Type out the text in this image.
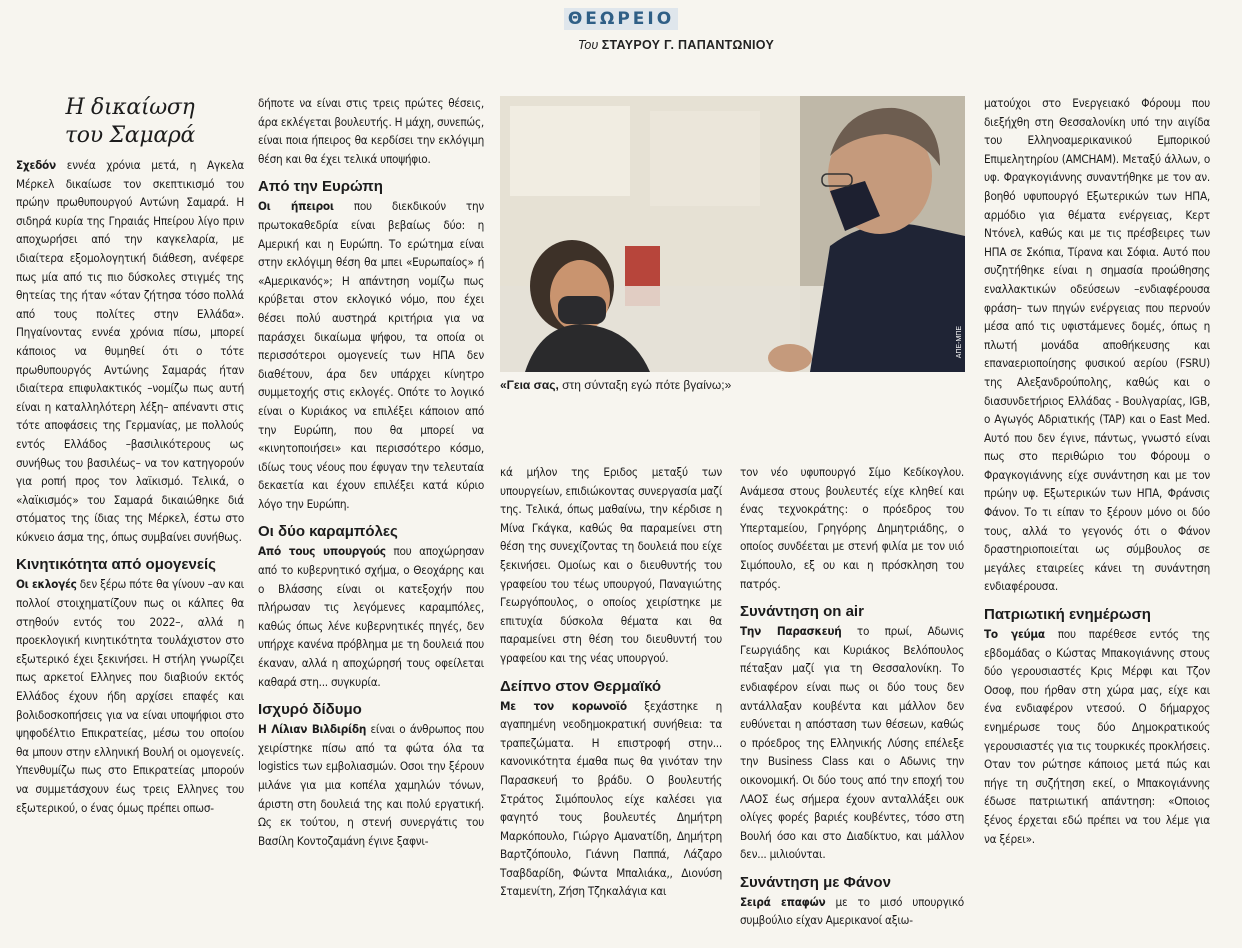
ΘΕΩΡΕΙΟ
Του ΣΤΑΥΡΟΥ Γ. ΠΑΠΑΝΤΩΝΙΟΥ
Η δικαίωση
του Σαμαρά

Σχεδόν εννέα χρόνια μετά, η Αγκελα Μέρκελ δικαίωσε τον σκεπτικισμό του πρώην πρωθυπουργού Αντώνη Σαμαρά. Η σιδηρά κυρία της Γηραιάς Ηπείρου λίγο πριν αποχωρήσει από την καγκελαρία, με ιδιαίτερα εξομολογητική διάθεση, ανέφερε πως μία από τις πιο δύσκολες στιγμές της θητείας της ήταν «όταν ζήτησα τόσο πολλά από τους πολίτες στην Ελλάδα». Πηγαίνοντας εννέα χρόνια πίσω, μπορεί κάποιος να θυμηθεί ότι ο τότε πρωθυπουργός Αντώνης Σαμαράς ήταν ιδιαίτερα επιφυλακτικός –νομίζω πως αυτή είναι η καταλληλότερη λέξη– απέναντι στις τότε αποφάσεις της Γερμανίας, με πολλούς εντός Ελλάδος –βασιλικότερους ως συνήθως του βασιλέως– να τον κατηγορούν για ροπή προς τον λαϊκισμό. Τελικά, ο «λαϊκισμός» του Σαμαρά δικαιώθηκε διά στόματος της ίδιας της Μέρκελ, έστω στο κύκνειο άσμα της, όπως συμβαίνει συνήθως.

Κινητικότητα από ομογενείς

Οι εκλογές δεν ξέρω πότε θα γίνουν –αν και πολλοί στοιχηματίζουν πως οι κάλπες θα στηθούν εντός του 2022–, αλλά η προεκλογική κινητικότητα τουλάχιστον στο εξωτερικό έχει ξεκινήσει. Η στήλη γνωρίζει πως αρκετοί Ελληνες που διαβιούν εκτός Ελλάδος έχουν ήδη αρχίσει επαφές και βολιδοσκοπήσεις για να είναι υποψήφιοι στο ψηφοδέλτιο Επικρατείας, μέσω του οποίου θα μπουν στην ελληνική Βουλή οι ομογενείς. Υπενθυμίζω πως στο Επικρατείας μπορούν να συμμετάσχουν έως τρεις Ελληνες του εξωτερικού, ο ένας όμως πρέπει οπωσ-

δήποτε να είναι στις τρεις πρώτες θέσεις, άρα εκλέγεται βουλευτής. Η μάχη, συνεπώς, είναι ποια ήπειρος θα κερδίσει την εκλόγιμη θέση και θα έχει τελικά υποψήφιο.

Από την Ευρώπη

Οι ήπειροι που διεκδικούν την πρωτοκαθεδρία είναι βεβαίως δύο: η Αμερική και η Ευρώπη. Το ερώτημα είναι στην εκλόγιμη θέση θα μπει «Ευρωπαίος» ή «Αμερικανός»; Η απάντηση νομίζω πως κρύβεται στον εκλογικό νόμο, που έχει θέσει πολύ αυστηρά κριτήρια για να παράσχει δικαίωμα ψήφου, τα οποία οι περισσότεροι ομογενείς των ΗΠΑ δεν διαθέτουν, άρα δεν υπάρχει κίνητρο συμμετοχής στις εκλογές. Οπότε το λογικό είναι ο Κυριάκος να επιλέξει κάποιον από την Ευρώπη, που θα μπορεί να «κινητοποιήσει» και περισσότερο κόσμο, ιδίως τους νέους που έφυγαν την τελευταία δεκαετία και έχουν επιλέξει κατά κύριο λόγο την Ευρώπη.

Οι δύο καραμπόλες

Από τους υπουργούς που αποχώρησαν από το κυβερνητικό σχήμα, ο Θεοχάρης και ο Βλάσσης είναι οι κατεξοχήν που πλήρωσαν τις λεγόμενες καραμπόλες, καθώς όπως λένε κυβερνητικές πηγές, δεν υπήρχε κανένα πρόβλημα με τη δουλειά που έκαναν, αλλά η αποχώρησή τους οφείλεται καθαρά στη... συγκυρία.

Ισχυρό δίδυμο

Η Λίλιαν Βιλδιρίδη είναι ο άνθρωπος που χειρίστηκε πίσω από τα φώτα όλα τα logistics των εμβολιασμών. Οσοι την ξέρουν μιλάνε για μια κοπέλα χαμηλών τόνων, άριστη στη δουλειά της και πολύ εργατική. Ως εκ τούτου, η στενή συνεργάτις του Βασίλη Κοντοζαμάνη έγινε ξαφνι-

ΑΠΕ-ΜΠΕ
«Γεια σας, στη σύνταξη εγώ πότε βγαίνω;»

κά μήλον της Εριδος μεταξύ των υπουργείων, επιδιώκοντας συνεργασία μαζί της. Τελικά, όπως μαθαίνω, την κέρδισε η Μίνα Γκάγκα, καθώς θα παραμείνει στη θέση της συνεχίζοντας τη δουλειά που είχε ξεκινήσει. Ομοίως και ο διευθυντής του γραφείου του τέως υπουργού, Παναγιώτης Γεωργόπουλος, ο οποίος χειρίστηκε με επιτυχία δύσκολα θέματα και θα παραμείνει στη θέση του διευθυντή του γραφείου και της νέας υπουργού.

Δείπνο στον Θερμαϊκό

Με τον κορωνοϊό ξεχάστηκε η αγαπημένη νεοδημοκρατική συνήθεια: τα τραπεζώματα. Η επιστροφή στην... κανονικότητα έμαθα πως θα γινόταν την Παρασκευή το βράδυ. Ο βουλευτής Στράτος Σιμόπουλος είχε καλέσει για φαγητό τους βουλευτές Δημήτρη Μαρκόπουλο, Γιώργο Αμανατίδη, Δημήτρη Βαρτζόπουλο, Γιάννη Παππά, Λάζαρο Τσαβδαρίδη, Φώντα Μπαλιάκα,, Διονύση Σταμενίτη, Ζήση Τζηκαλάγια και

τον νέο υφυπουργό Σίμο Κεδίκογλου. Ανάμεσα στους βουλευτές είχε κληθεί και ένας τεχνοκράτης: ο πρόεδρος του Υπερταμείου, Γρηγόρης Δημητριάδης, ο οποίος συνδέεται με στενή φιλία με τον υιό Σιμόπουλο, εξ ου και η πρόσκληση του πατρός.

Συνάντηση on air

Την Παρασκευή το πρωί, Αδωνις Γεωργιάδης και Κυριάκος Βελόπουλος πέταξαν μαζί για τη Θεσσαλονίκη. Το ενδιαφέρον είναι πως οι δύο τους δεν αντάλλαξαν κουβέντα και μάλλον δεν ευθύνεται η απόσταση των θέσεων, καθώς ο πρόεδρος της Ελληνικής Λύσης επέλεξε την Business Class και ο Αδωνις την οικονομική. Οι δύο τους από την εποχή του ΛΑΟΣ έως σήμερα έχουν ανταλλάξει ουκ ολίγες φορές βαριές κουβέντες, τόσο στη Βουλή όσο και στο Διαδίκτυο, και μάλλον δεν... μιλιούνται.

Συνάντηση με Φάνον

Σειρά επαφών με το μισό υπουργικό συμβούλιο είχαν Αμερικανοί αξιω-

ματούχοι στο Ενεργειακό Φόρουμ που διεξήχθη στη Θεσσαλονίκη υπό την αιγίδα του Ελληνοαμερικανικού Εμπορικού Επιμελητηρίου (AMCHAM). Μεταξύ άλλων, ο υφ. Φραγκογιάννης συναντήθηκε με τον αν. βοηθό υφυπουργό Εξωτερικών των ΗΠΑ, αρμόδιο για θέματα ενέργειας, Κερτ Ντόνελ, καθώς και με τις πρέσβειρες των ΗΠΑ σε Σκόπια, Τίρανα και Σόφια. Αυτό που συζητήθηκε είναι η σημασία προώθησης εναλλακτικών οδεύσεων –ενδιαφέρουσα φράση– των πηγών ενέργειας που περνούν μέσα από τις υφιστάμενες δομές, όπως η πλωτή μονάδα αποθήκευσης και επαναεριοποίησης φυσικού αερίου (FSRU) της Αλεξανδρούπολης, καθώς και ο διασυνδετήριος Ελλάδας - Βουλγαρίας, IGB, ο Αγωγός Αδριατικής (TAP) και ο East Med. Αυτό που δεν έγινε, πάντως, γνωστό είναι πως στο περιθώριο του Φόρουμ ο Φραγκογιάννης είχε συνάντηση και με τον πρώην υφ. Εξωτερικών των ΗΠΑ, Φράνσις Φάνον. Το τι είπαν το ξέρουν μόνο οι δύο τους, αλλά το γεγονός ότι ο Φάνον δραστηριοποιείται ως σύμβουλος σε μεγάλες εταιρείες κάνει τη συνάντηση ενδιαφέρουσα.

Πατριωτική ενημέρωση

Το γεύμα που παρέθεσε εντός της εβδομάδας ο Κώστας Μπακογιάννης στους δύο γερουσιαστές Κρις Μέρφι και Τζον Οσοφ, που ήρθαν στη χώρα μας, είχε και ένα ενδιαφέρον ντεσού. Ο δήμαρχος ενημέρωσε τους δύο Δημοκρατικούς γερουσιαστές για τις τουρκικές προκλήσεις. Οταν τον ρώτησε κάποιος μετά πώς και πήγε τη συζήτηση εκεί, ο Μπακογιάννης έδωσε πατριωτική απάντηση: «Οποιος ξένος έρχεται εδώ πρέπει να του λέμε για να ξέρει».
